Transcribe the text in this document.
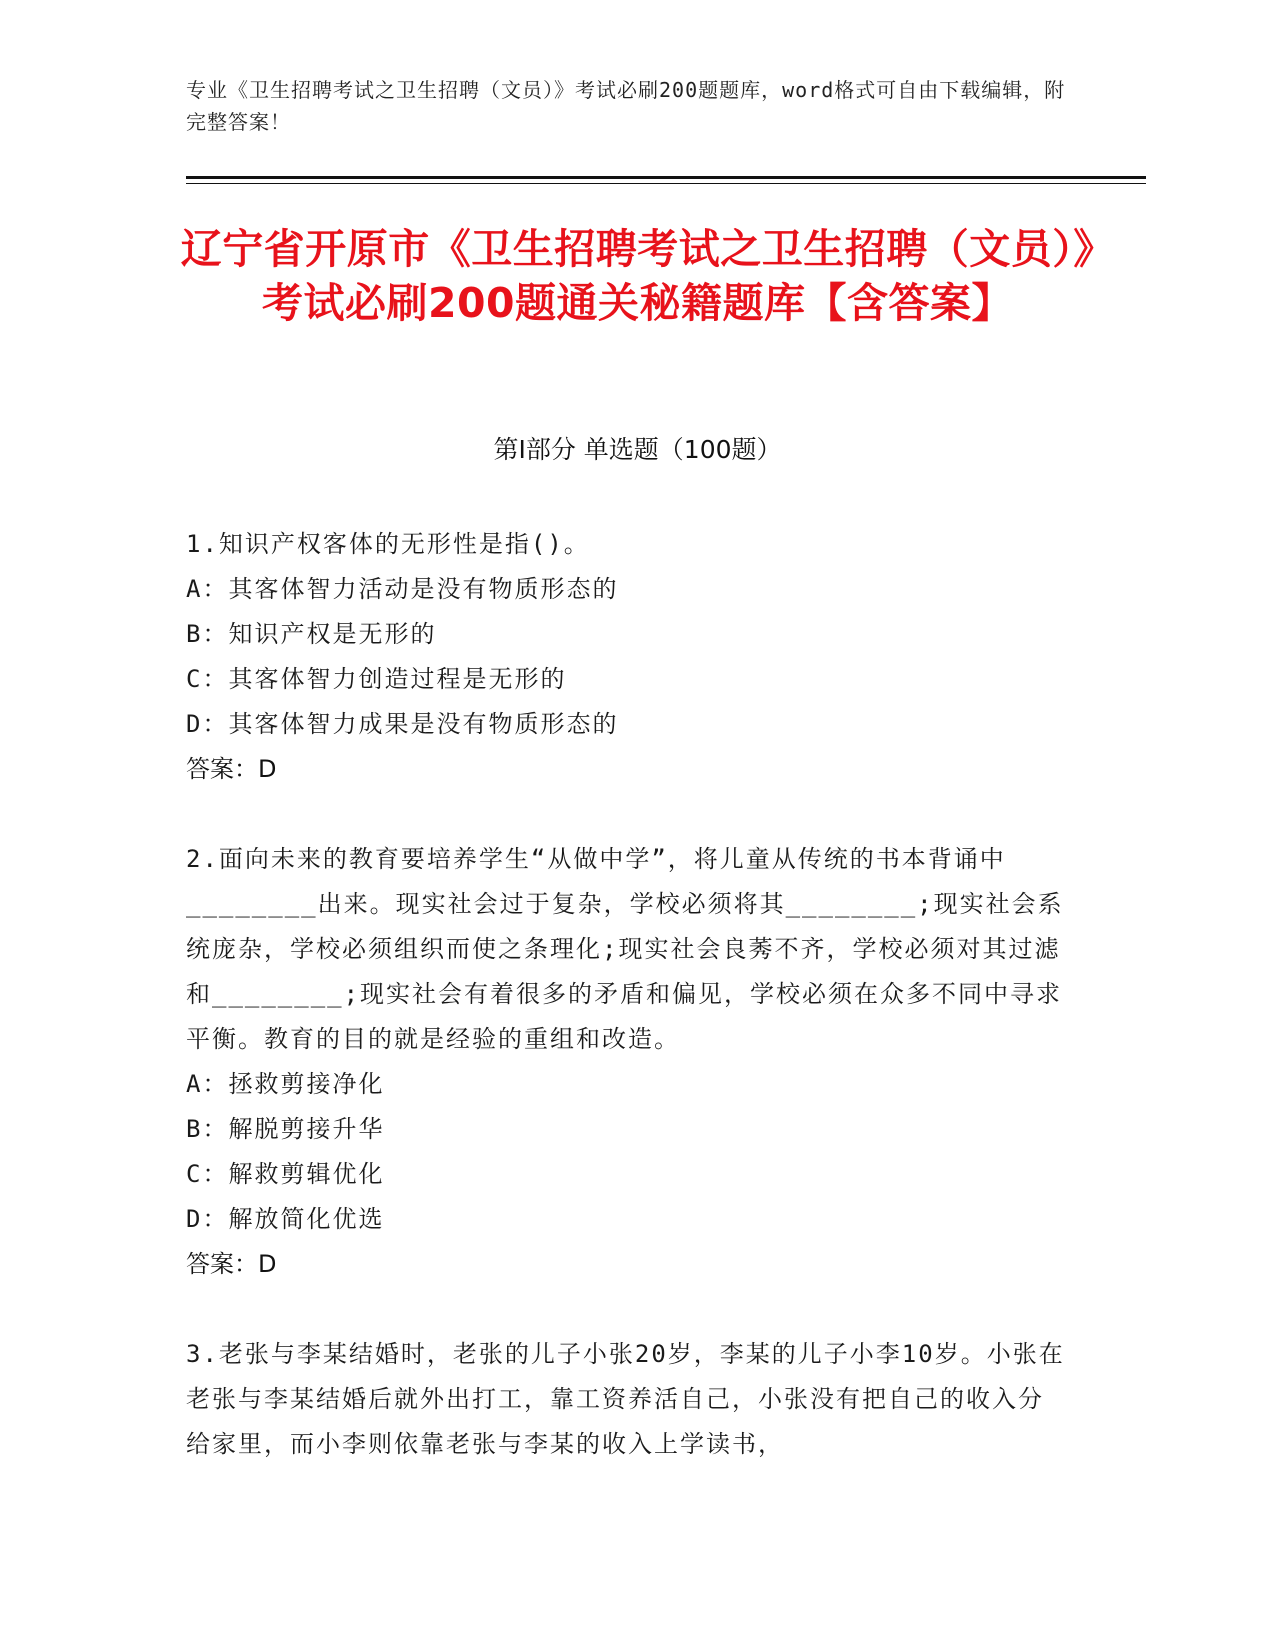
专业《卫生招聘考试之卫生招聘（文员）》考试必刷200题题库，word格式可自由下载编辑，附完整答案！
辽宁省开原市《卫生招聘考试之卫生招聘（文员）》考试必刷200题通关秘籍题库【含答案】
第I部分 单选题（100题）

1.知识产权客体的无形性是指()。

A：其客体智力活动是没有物质形态的

B：知识产权是无形的

C：其客体智力创造过程是无形的

D：其客体智力成果是没有物质形态的

答案：D

2.面向未来的教育要培养学生“从做中学”，将儿童从传统的书本背诵中________出来。现实社会过于复杂，学校必须将其________;现实社会系统庞杂，学校必须组织而使之条理化;现实社会良莠不齐，学校必须对其过滤和________;现实社会有着很多的矛盾和偏见，学校必须在众多不同中寻求平衡。教育的目的就是经验的重组和改造。

A：拯救剪接净化

B：解脱剪接升华

C：解救剪辑优化

D：解放简化优选

答案：D

3.老张与李某结婚时，老张的儿子小张20岁，李某的儿子小李10岁。小张在老张与李某结婚后就外出打工，靠工资养活自己，小张没有把自己的收入分给家里，而小李则依靠老张与李某的收入上学读书，
